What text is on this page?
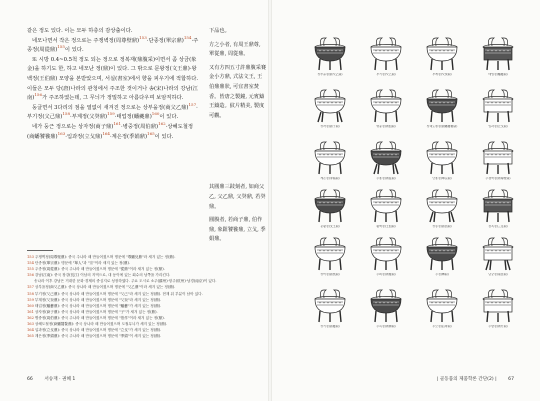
같은 정도 있다. 이는 모두 하층의 감상출이다.

네모나면서 작은 정으로는 주쟁벽정(周尊壁鼎)$^{153}$·단종정(單宗鼎)$^{154}$·주종정(周從鼎)$^{155}$이 있다.

또 시방 0.4~0.5척 정도 되는 정으로 정복재(鼎腹采)이면서 좀 상금(象金)을 하기도 한, 하고 네모난 정(鼎)이 있다. 그 밖으로 문왕정(文王鼎)·왕백정(王伯鼎) 모양을 본받았으며, 서실(書室)에서 향을 피우기에 적합하다. 이들은 모두 당(唐)나라의 관청에서 주조한 것이거나 송(宋)나라의 강남(江南)$^{156}$가 주조하였는데, 그 무늬가 정밀하고 아름다우며 보암직하다.

동글면서 3다리의 점을 열없이 새겨진 정으로는 상부을정(商父乙鼎)$^{157}$·부기정(父己鼎)$^{158}$·부계정(父癸鼎)$^{159}$·태업정(蟠夔鼎)$^{160}$이 있다.

네가 둥근 정으로는 상자정(商子鼎)$^{161}$·병중정(周伯鼎)$^{162}$·상혜도철정(商蟠饕餮鼎)$^{163}$·입과정(立戈鼎)$^{164}$·계은정(季娟鼎)$^{165}$이 있다.

下品也。

方之小者, 有周王鼎尊, 單從鼎, 周從鼎。

又有方四五寸許鼎腹采賽金小方鼎, 式法文王, 王伯鼎鼎狀, 可宜書室焚香。皆唐之製鐘, 元賓鑄王鑄造。紋片精美, 製度可觀。

其圓鼎三跂刻者, 如商父乙, 父乙鼎, 父癸鼎, 若癸鼎。

圓腹者, 若商子鼎, 伯作鼎, 象鈕饕餮鼎, 立戈, 季娟鼎。

153주쟁벽정(周尊壁鼎): 중국 주나라 때 만들어졌으며 명문에 "尊蟠兒鼎"라 새겨 있는 정(鼎).
154단종정(單宗鼎): 명문에 "單人"과 "宗"이라 새겨 있는 정(鼎).
155주종정(周從鼎): 중국 주나라 때 만들어졌으며 명문에 "從鼎"이라 새겨 있는 정(鼎).
156강남(江南): 중국 장강(長江) 이남의 지역으로, 대 동이에 있는 회수의 남쪽을 가리킨다.
송나라 이후 강남은 거대한 문화·경제의 중심지로 성장하였다. 주요 도시로 소주(蘇州)·항주(杭州)·남경(南京)이 있다.
157상부을정(商父乙鼎): 중국 상나라 때 만들어졌으며 명문에 "父乙鼎"이라 새겨 있는 정(鼎).
158부기정(父己鼎): 중국 상나라 때 만들어졌으며 명문에 "父己"라 새겨 있는 정(鼎). 현재 뒤 부분이 남아 있다.
159부계정(父癸鼎): 중국 상나라 때 만들어졌으며 명문에 "父癸"라 새겨 있는 정(鼎).
160태업정(蟠夔鼎): 중국 상나라 때 만들어졌으며 명문에 "蟠夔"가 새겨 있는 정(鼎).
161상자정(商子鼎): 중국 상나라 때 만들어졌으며 명문에 "子"가 새겨 있는 정(鼎).
162병중정(周伯鼎): 중국 주나라 때 만들어졌으며 명문에 "伯作"이라 새겨 있는 정(鼎).
163상혜도철정(商蟠饕餮鼎): 중국 상나라 때 만들어졌으며 도철무늬가 새겨 있는 정(鼎).
164입과정(立戈鼎): 중국 상나라 때 만들어졌으며 명문에 "立戈"가 새겨 있는 정(鼎).
165계은정(季娟鼎): 중국 주나라 때 만들어졌으며 명문에 "季娟"이 새겨 있는 정(鼎).
66 서승재 · 권혜 1	| 골동품의 제품학론 간단(2) | 67
상부을정(商父乙鼎)	부기정(父己鼎)	부계정(父癸鼎)	태업정(蟠夔鼎)
상자정(商子鼎)	병중정(周伯鼎)	상혜도철정(商蟠饕餮鼎)	입과정(立戈鼎)
계은정(季娟鼎)	주종정(周從鼎)	단종정(單宗鼎)	주쟁벽정(周尊壁鼎)
문왕정(文王鼎)	왕백정(王伯鼎)	상유정(商卣鼎)	삼족정(三足鼎)
상어정(商魚鼎)	주희정(周姬鼎)	무정(舞鼎)	남궁정(南宮鼎)
상기정(商夔鼎)	주목정(周穆鼎)	후모정(后母鼎)	주방정(周方鼎)
